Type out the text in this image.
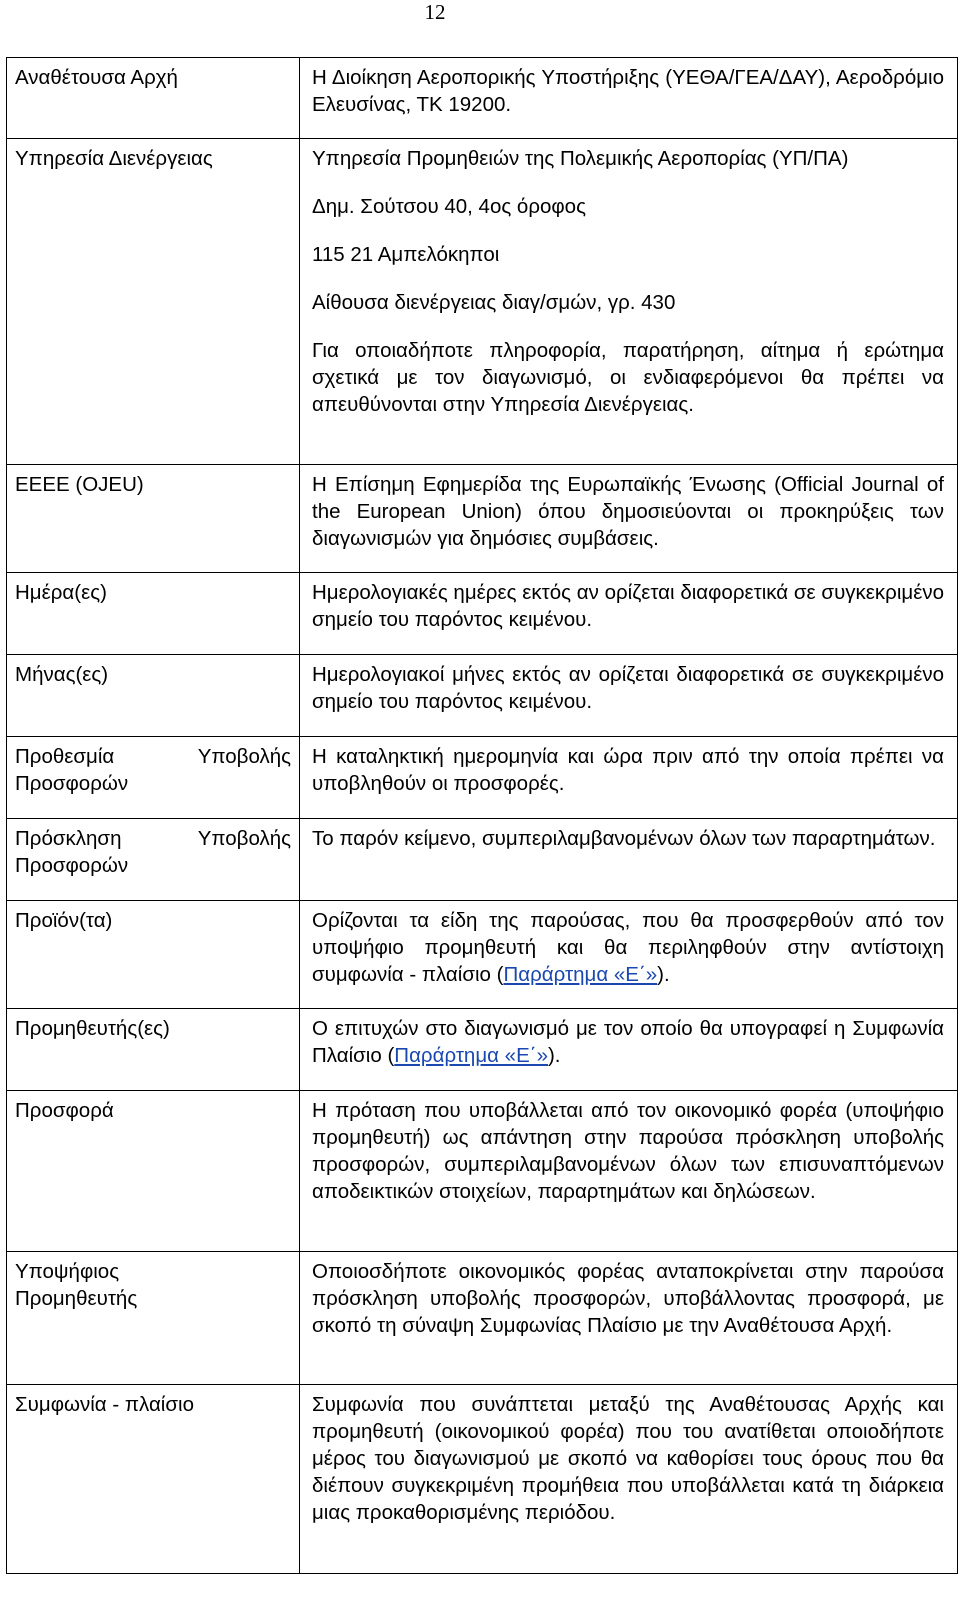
12
Αναθέτουσα Αρχή	Η Διοίκηση Αεροπορικής Υποστήριξης (ΥΕΘΑ/ΓΕΑ/ΔΑΥ), Αεροδρόμιο Ελευσίνας, ΤΚ 19200.

Υπηρεσία Διενέργειας	Υπηρεσία Προμηθειών της Πολεμικής Αεροπορίας (ΥΠ/ΠΑ)

Δημ. Σούτσου 40, 4ος όροφος

115 21 Αμπελόκηποι

Αίθουσα διενέργειας διαγ/σμών, γρ. 430

Για οποιαδήποτε πληροφορία, παρατήρηση, αίτημα ή ερώτημα σχετικά με τον διαγωνισμό, οι ενδιαφερόμενοι θα πρέπει να απευθύνονται στην Υπηρεσία Διενέργειας.

ΕΕΕΕ (OJEU)	Η Επίσημη Εφημερίδα της Ευρωπαϊκής Ένωσης (Official Journal of the European Union) όπου δημοσιεύονται οι προκηρύξεις των διαγωνισμών για δημόσιες συμβάσεις.

Ημέρα(ες)	Ημερολογιακές ημέρες εκτός αν ορίζεται διαφορετικά σε συγκεκριμένο σημείο του παρόντος κειμένου.

Μήνας(ες)	Ημερολογιακοί μήνες εκτός αν ορίζεται διαφορετικά σε συγκεκριμένο σημείο του παρόντος κειμένου.

Προθεσμία Υποβολής
Προσφορών	Η καταληκτική ημερομηνία και ώρα πριν από την οποία πρέπει να υποβληθούν οι προσφορές.

Πρόσκληση Υποβολής
Προσφορών	Το παρόν κείμενο, συμπεριλαμβανομένων όλων των παραρτημάτων.

Προϊόν(τα)	Ορίζονται τα είδη της παρούσας, που θα προσφερθούν από τον υποψήφιο προμηθευτή και θα περιληφθούν στην αντίστοιχη συμφωνία - πλαίσιο (Παράρτημα «Ε΄»).

Προμηθευτής(ες)	Ο επιτυχών στο διαγωνισμό με τον οποίο θα υπογραφεί η Συμφωνία Πλαίσιο (Παράρτημα «Ε΄»).

Προσφορά	Η πρόταση που υποβάλλεται από τον οικονομικό φορέα (υποψήφιο προμηθευτή) ως απάντηση στην παρούσα πρόσκληση υποβολής προσφορών, συμπεριλαμβανομένων όλων των επισυναπτόμενων αποδεικτικών στοιχείων, παραρτημάτων και δηλώσεων.

Υποψήφιος
Προμηθευτής	Οποιοσδήποτε οικονομικός φορέας ανταποκρίνεται στην παρούσα πρόσκληση υποβολής προσφορών, υποβάλλοντας προσφορά, με σκοπό τη σύναψη Συμφωνίας Πλαίσιο με την Αναθέτουσα Αρχή.

Συμφωνία - πλαίσιο	Συμφωνία που συνάπτεται μεταξύ της Αναθέτουσας Αρχής και προμηθευτή (οικονομικού φορέα) που του ανατίθεται οποιοδήποτε μέρος του διαγωνισμού με σκοπό να καθορίσει τους όρους που θα διέπουν συγκεκριμένη προμήθεια που υποβάλλεται κατά τη διάρκεια μιας προκαθορισμένης περιόδου.
